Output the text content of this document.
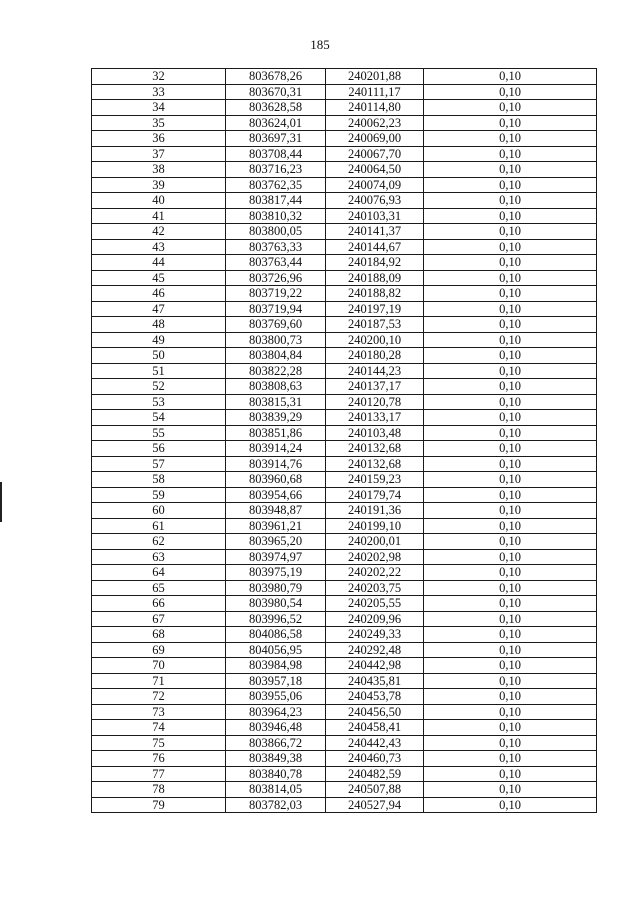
185
32	803678,26	240201,88	0,10
33	803670,31	240111,17	0,10
34	803628,58	240114,80	0,10
35	803624,01	240062,23	0,10
36	803697,31	240069,00	0,10
37	803708,44	240067,70	0,10
38	803716,23	240064,50	0,10
39	803762,35	240074,09	0,10
40	803817,44	240076,93	0,10
41	803810,32	240103,31	0,10
42	803800,05	240141,37	0,10
43	803763,33	240144,67	0,10
44	803763,44	240184,92	0,10
45	803726,96	240188,09	0,10
46	803719,22	240188,82	0,10
47	803719,94	240197,19	0,10
48	803769,60	240187,53	0,10
49	803800,73	240200,10	0,10
50	803804,84	240180,28	0,10
51	803822,28	240144,23	0,10
52	803808,63	240137,17	0,10
53	803815,31	240120,78	0,10
54	803839,29	240133,17	0,10
55	803851,86	240103,48	0,10
56	803914,24	240132,68	0,10
57	803914,76	240132,68	0,10
58	803960,68	240159,23	0,10
59	803954,66	240179,74	0,10
60	803948,87	240191,36	0,10
61	803961,21	240199,10	0,10
62	803965,20	240200,01	0,10
63	803974,97	240202,98	0,10
64	803975,19	240202,22	0,10
65	803980,79	240203,75	0,10
66	803980,54	240205,55	0,10
67	803996,52	240209,96	0,10
68	804086,58	240249,33	0,10
69	804056,95	240292,48	0,10
70	803984,98	240442,98	0,10
71	803957,18	240435,81	0,10
72	803955,06	240453,78	0,10
73	803964,23	240456,50	0,10
74	803946,48	240458,41	0,10
75	803866,72	240442,43	0,10
76	803849,38	240460,73	0,10
77	803840,78	240482,59	0,10
78	803814,05	240507,88	0,10
79	803782,03	240527,94	0,10
